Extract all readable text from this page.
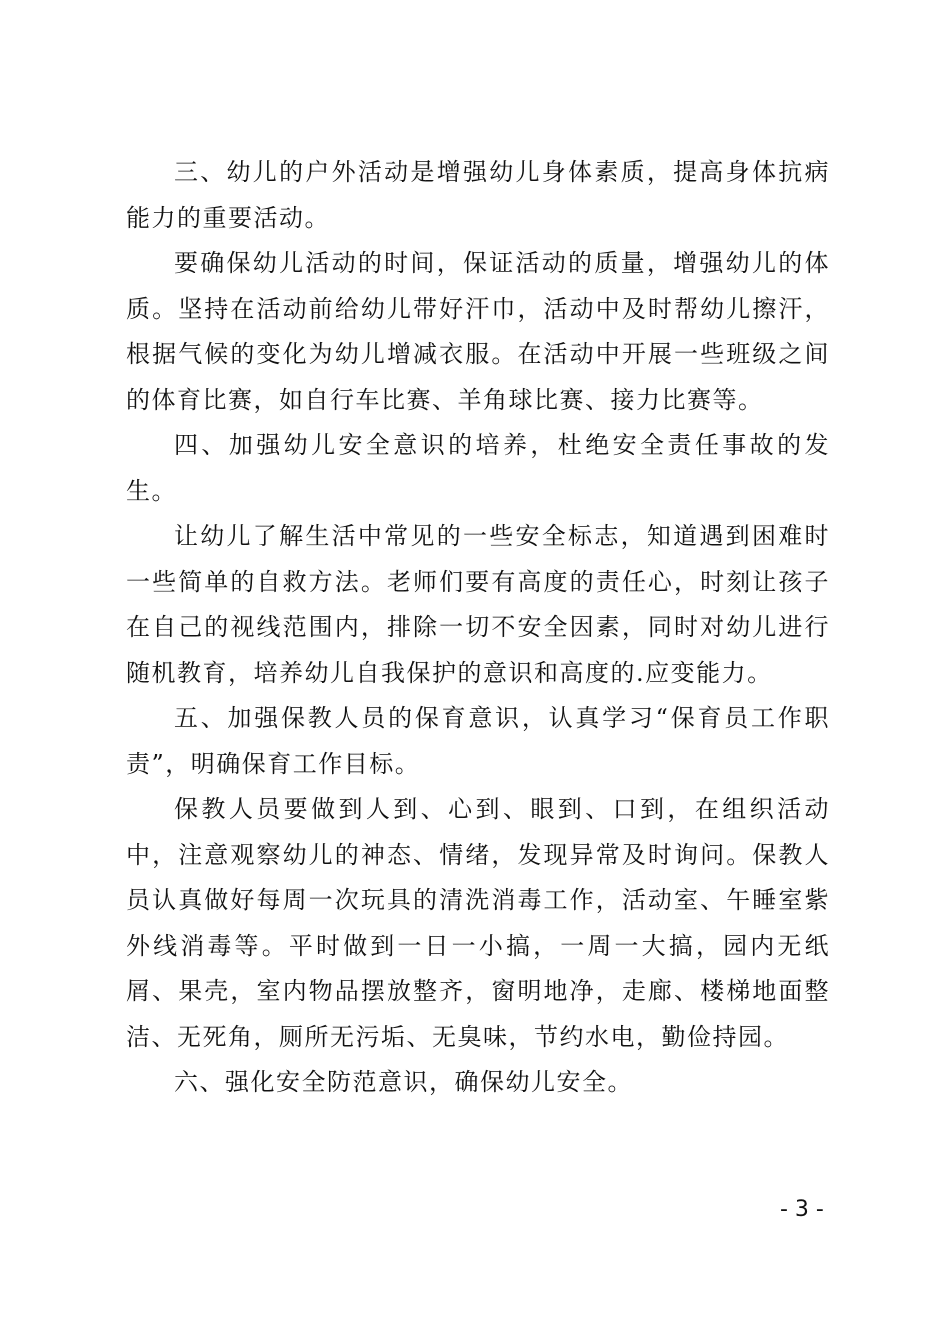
三、幼儿的户外活动是增强幼儿身体素质，提高身体抗病能力的重要活动。

要确保幼儿活动的时间，保证活动的质量，增强幼儿的体质。坚持在活动前给幼儿带好汗巾，活动中及时帮幼儿擦汗，根据气候的变化为幼儿增减衣服。在活动中开展一些班级之间的体育比赛，如自行车比赛、羊角球比赛、接力比赛等。

四、加强幼儿安全意识的培养，杜绝安全责任事故的发生。

让幼儿了解生活中常见的一些安全标志，知道遇到困难时一些简单的自救方法。老师们要有高度的责任心，时刻让孩子在自己的视线范围内，排除一切不安全因素，同时对幼儿进行随机教育，培养幼儿自我保护的意识和高度的.应变能力。

五、加强保教人员的保育意识，认真学习“保育员工作职责”，明确保育工作目标。

保教人员要做到人到、心到、眼到、口到，在组织活动中，注意观察幼儿的神态、情绪，发现异常及时询问。保教人员认真做好每周一次玩具的清洗消毒工作，活动室、午睡室紫外线消毒等。平时做到一日一小搞，一周一大搞，园内无纸屑、果壳，室内物品摆放整齐，窗明地净，走廊、楼梯地面整洁、无死角，厕所无污垢、无臭味，节约水电，勤俭持园。

六、强化安全防范意识，确保幼儿安全。

- 3 -
